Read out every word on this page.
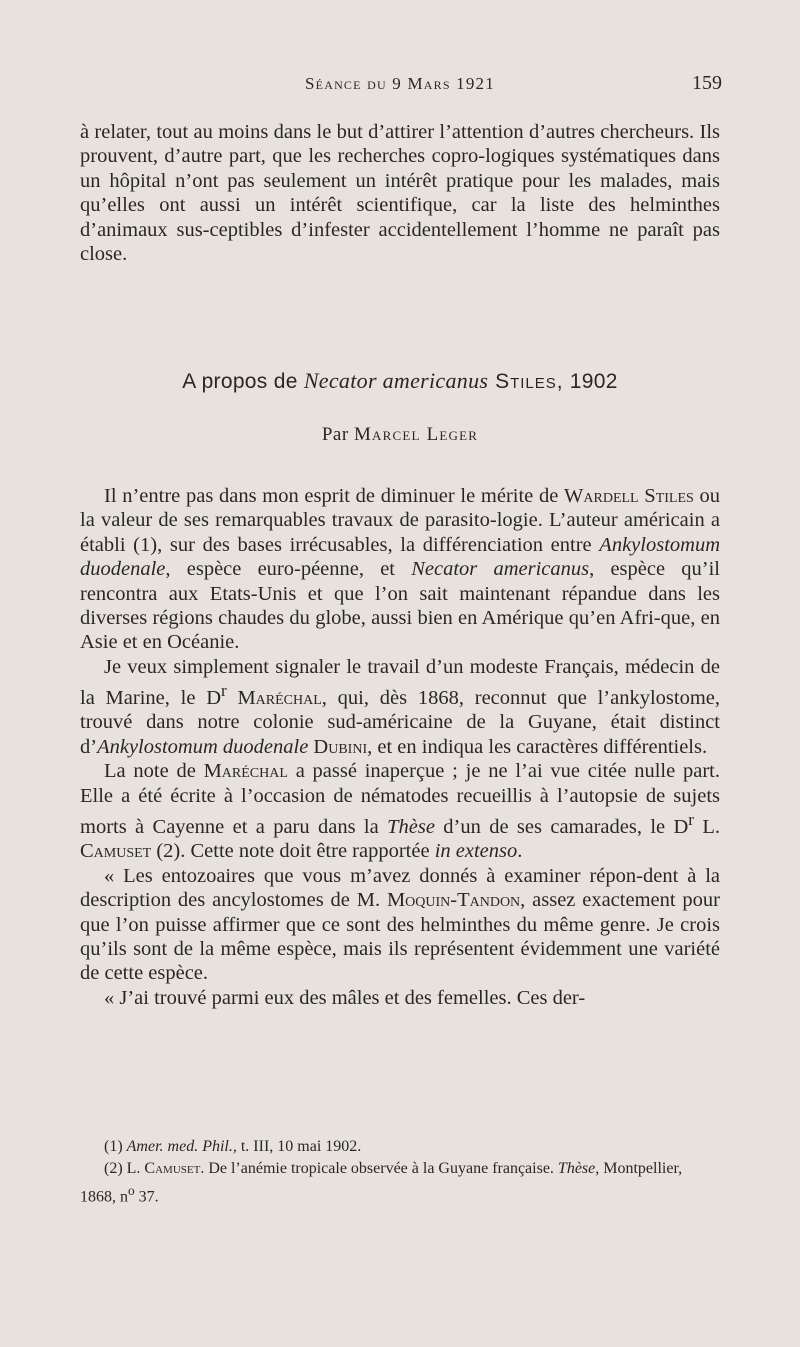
Séance du 9 Mars 1921	159
à relater, tout au moins dans le but d’attirer l’attention d’autres chercheurs. Ils prouvent, d’autre part, que les recherches copro-logiques systématiques dans un hôpital n’ont pas seulement un intérêt pratique pour les malades, mais qu’elles ont aussi un intérêt scientifique, car la liste des helminthes d’animaux sus-ceptibles d’infester accidentellement l’homme ne paraît pas close.
A propos de Necator americanus Stiles, 1902
Par Marcel Leger

Il n’entre pas dans mon esprit de diminuer le mérite de Wardell Stiles ou la valeur de ses remarquables travaux de parasito-logie. L’auteur américain a établi (1), sur des bases irrécusables, la différenciation entre Ankylostomum duodenale, espèce euro-péenne, et Necator americanus, espèce qu’il rencontra aux Etats-Unis et que l’on sait maintenant répandue dans les diverses régions chaudes du globe, aussi bien en Amérique qu’en Afri-que, en Asie et en Océanie.

Je veux simplement signaler le travail d’un modeste Français, médecin de la Marine, le $D^r$ Maréchal, qui, dès 1868, reconnut que l’ankylostome, trouvé dans notre colonie sud-américaine de la Guyane, était distinct d’Ankylostomum duodenale Dubini, et en indiqua les caractères différentiels.

La note de Maréchal a passé inaperçue ; je ne l’ai vue citée nulle part. Elle a été écrite à l’occasion de nématodes recueillis à l’autopsie de sujets morts à Cayenne et a paru dans la Thèse d’un de ses camarades, le $D^r$ L. Camuset (2). Cette note doit être rapportée in extenso.

« Les entozoaires que vous m’avez donnés à examiner répon-dent à la description des ancylostomes de M. Moquin-Tandon, assez exactement pour que l’on puisse affirmer que ce sont des helminthes du même genre. Je crois qu’ils sont de la même espèce, mais ils représentent évidemment une variété de cette espèce.

« J’ai trouvé parmi eux des mâles et des femelles. Ces der-

(1) Amer. med. Phil., t. III, 10 mai 1902.

(2) L. Camuset. De l’anémie tropicale observée à la Guyane française. Thèse, Montpellier, 1868, $n^o$ 37.
